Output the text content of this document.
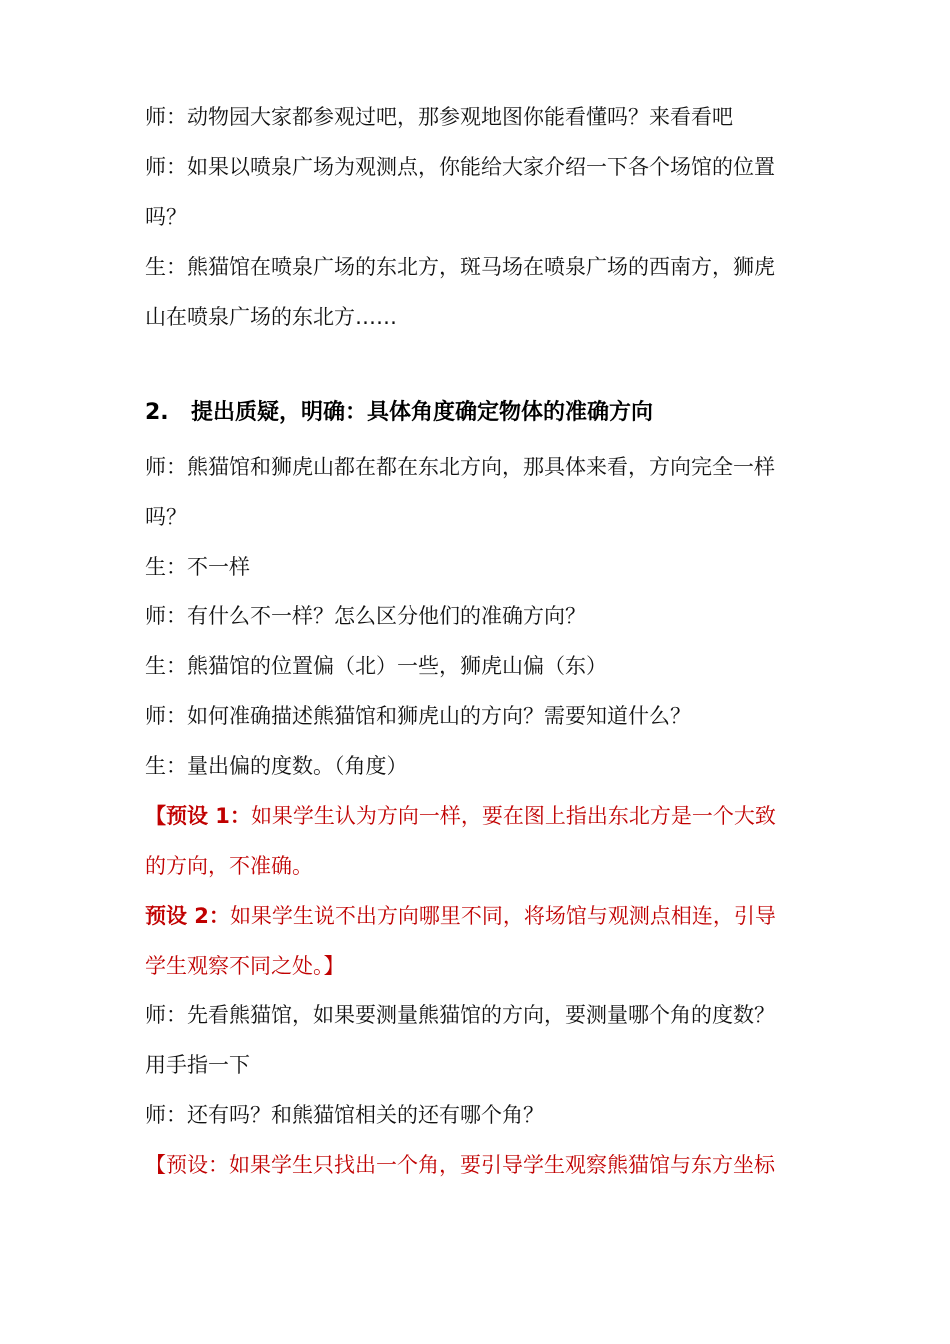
师：动物园大家都参观过吧，那参观地图你能看懂吗？来看看吧
师：如果以喷泉广场为观测点，你能给大家介绍一下各个场馆的位置
吗？
生：熊猫馆在喷泉广场的东北方，斑马场在喷泉广场的西南方，狮虎
山在喷泉广场的东北方……
2. 提出质疑，明确：具体角度确定物体的准确方向
师：熊猫馆和狮虎山都在都在东北方向，那具体来看，方向完全一样
吗？
生：不一样
师：有什么不一样？怎么区分他们的准确方向？
生：熊猫馆的位置偏（北）一些，狮虎山偏（东）
师：如何准确描述熊猫馆和狮虎山的方向？需要知道什么？
生：量出偏的度数。（角度）
【预设 1：如果学生认为方向一样，要在图上指出东北方是一个大致
的方向，不准确。
预设 2：如果学生说不出方向哪里不同，将场馆与观测点相连，引导
学生观察不同之处。】
师：先看熊猫馆，如果要测量熊猫馆的方向，要测量哪个角的度数？
用手指一下
师：还有吗？和熊猫馆相关的还有哪个角？
【预设：如果学生只找出一个角，要引导学生观察熊猫馆与东方坐标
